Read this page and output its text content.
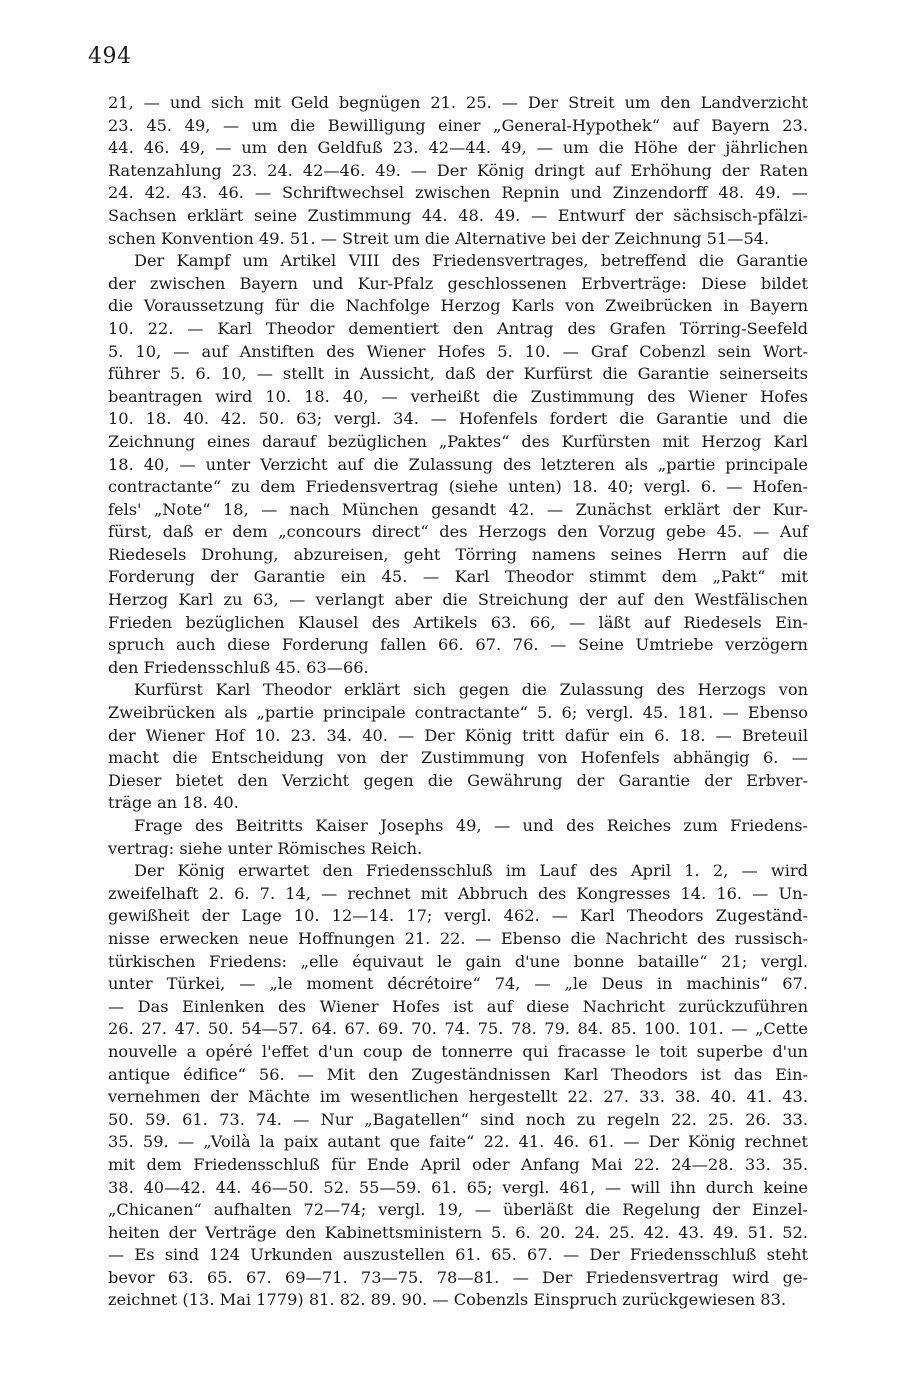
494
21, — und sich mit Geld begnügen 21. 25. — Der Streit um den Landverzicht
23. 45. 49, — um die Bewilligung einer „General-Hypothek“ auf Bayern 23.
44. 46. 49, — um den Geldfuß 23. 42—44. 49, — um die Höhe der jährlichen
Ratenzahlung 23. 24. 42—46. 49. — Der König dringt auf Erhöhung der Raten
24. 42. 43. 46. — Schriftwechsel zwischen Repnin und Zinzendorff 48. 49. —
Sachsen erklärt seine Zustimmung 44. 48. 49. — Entwurf der sächsisch-pfälzi-
schen Konvention 49. 51. — Streit um die Alternative bei der Zeichnung 51—54.
Der Kampf um Artikel VIII des Friedensvertrages, betreffend die Garantie
der zwischen Bayern und Kur-Pfalz geschlossenen Erbverträge: Diese bildet
die Voraussetzung für die Nachfolge Herzog Karls von Zweibrücken in Bayern
10. 22. — Karl Theodor dementiert den Antrag des Grafen Törring-Seefeld
5. 10, — auf Anstiften des Wiener Hofes 5. 10. — Graf Cobenzl sein Wort-
führer 5. 6. 10, — stellt in Aussicht, daß der Kurfürst die Garantie seinerseits
beantragen wird 10. 18. 40, — verheißt die Zustimmung des Wiener Hofes
10. 18. 40. 42. 50. 63; vergl. 34. — Hofenfels fordert die Garantie und die
Zeichnung eines darauf bezüglichen „Paktes“ des Kurfürsten mit Herzog Karl
18. 40, — unter Verzicht auf die Zulassung des letzteren als „partie principale
contractante“ zu dem Friedensvertrag (siehe unten) 18. 40; vergl. 6. — Hofen-
fels' „Note“ 18, — nach München gesandt 42. — Zunächst erklärt der Kur-
fürst, daß er dem „concours direct“ des Herzogs den Vorzug gebe 45. — Auf
Riedesels Drohung, abzureisen, geht Törring namens seines Herrn auf die
Forderung der Garantie ein 45. — Karl Theodor stimmt dem „Pakt“ mit
Herzog Karl zu 63, — verlangt aber die Streichung der auf den Westfälischen
Frieden bezüglichen Klausel des Artikels 63. 66, — läßt auf Riedesels Ein-
spruch auch diese Forderung fallen 66. 67. 76. — Seine Umtriebe verzögern
den Friedensschluß 45. 63—66.
Kurfürst Karl Theodor erklärt sich gegen die Zulassung des Herzogs von
Zweibrücken als „partie principale contractante“ 5. 6; vergl. 45. 181. — Ebenso
der Wiener Hof 10. 23. 34. 40. — Der König tritt dafür ein 6. 18. — Breteuil
macht die Entscheidung von der Zustimmung von Hofenfels abhängig 6. —
Dieser bietet den Verzicht gegen die Gewährung der Garantie der Erbver-
träge an 18. 40.
Frage des Beitritts Kaiser Josephs 49, — und des Reiches zum Friedens-
vertrag: siehe unter Römisches Reich.
Der König erwartet den Friedensschluß im Lauf des April 1. 2, — wird
zweifelhaft 2. 6. 7. 14, — rechnet mit Abbruch des Kongresses 14. 16. — Un-
gewißheit der Lage 10. 12—14. 17; vergl. 462. — Karl Theodors Zugeständ-
nisse erwecken neue Hoffnungen 21. 22. — Ebenso die Nachricht des russisch-
türkischen Friedens: „elle équivaut le gain d'une bonne bataille“ 21; vergl.
unter Türkei, — „le moment décrétoire“ 74, — „le Deus in machinis“ 67.
— Das Einlenken des Wiener Hofes ist auf diese Nachricht zurückzuführen
26. 27. 47. 50. 54—57. 64. 67. 69. 70. 74. 75. 78. 79. 84. 85. 100. 101. — „Cette
nouvelle a opéré l'effet d'un coup de tonnerre qui fracasse le toit superbe d'un
antique édifice“ 56. — Mit den Zugeständnissen Karl Theodors ist das Ein-
vernehmen der Mächte im wesentlichen hergestellt 22. 27. 33. 38. 40. 41. 43.
50. 59. 61. 73. 74. — Nur „Bagatellen“ sind noch zu regeln 22. 25. 26. 33.
35. 59. — „Voilà la paix autant que faite“ 22. 41. 46. 61. — Der König rechnet
mit dem Friedensschluß für Ende April oder Anfang Mai 22. 24—28. 33. 35.
38. 40—42. 44. 46—50. 52. 55—59. 61. 65; vergl. 461, — will ihn durch keine
„Chicanen“ aufhalten 72—74; vergl. 19, — überläßt die Regelung der Einzel-
heiten der Verträge den Kabinettsministern 5. 6. 20. 24. 25. 42. 43. 49. 51. 52.
— Es sind 124 Urkunden auszustellen 61. 65. 67. — Der Friedensschluß steht
bevor 63. 65. 67. 69—71. 73—75. 78—81. — Der Friedensvertrag wird ge-
zeichnet (13. Mai 1779) 81. 82. 89. 90. — Cobenzls Einspruch zurückgewiesen 83.
